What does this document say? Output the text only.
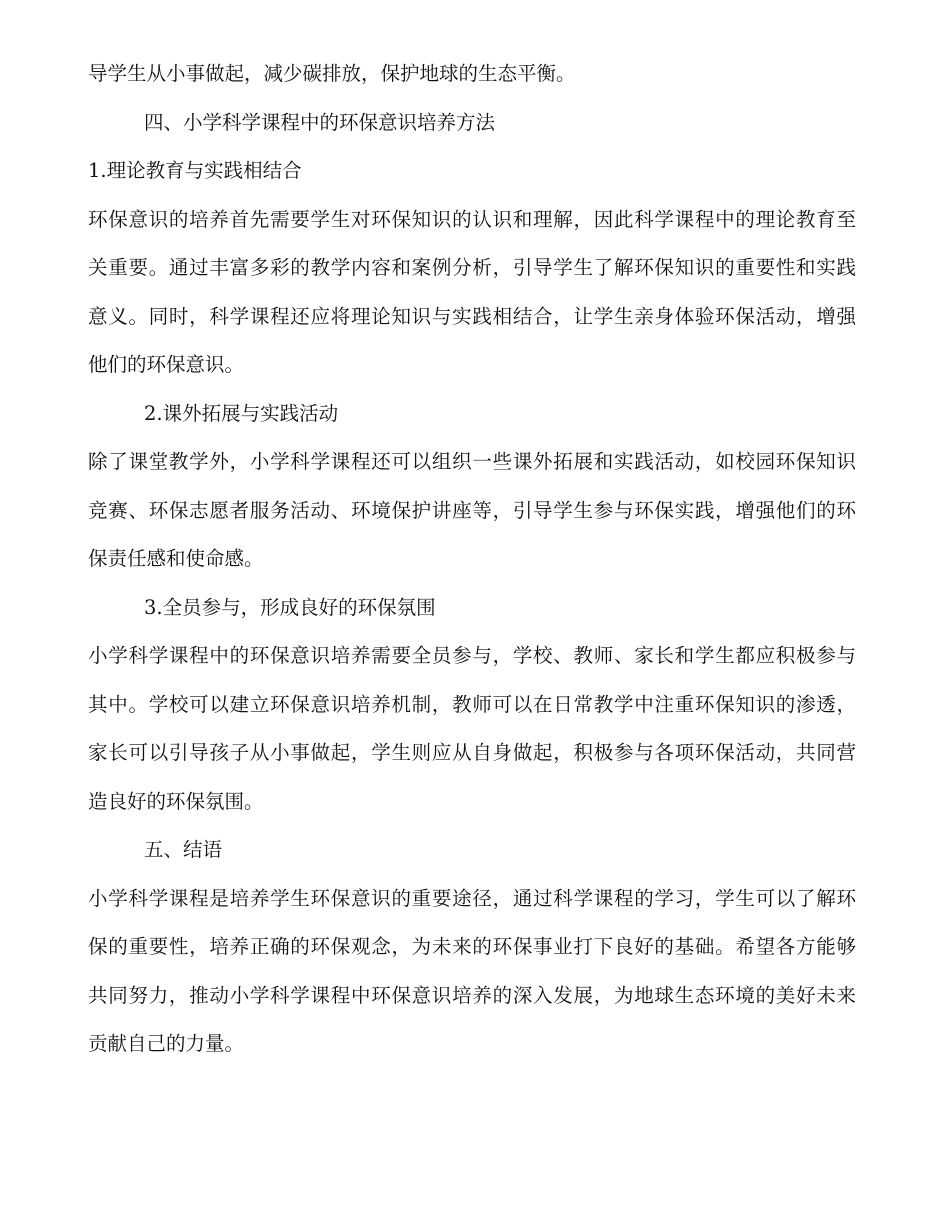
导学生从小事做起，减少碳排放，保护地球的生态平衡。
四、小学科学课程中的环保意识培养方法
1.理论教育与实践相结合
环保意识的培养首先需要学生对环保知识的认识和理解，因此科学课程中的理论教育至
关重要。通过丰富多彩的教学内容和案例分析，引导学生了解环保知识的重要性和实践
意义。同时，科学课程还应将理论知识与实践相结合，让学生亲身体验环保活动，增强
他们的环保意识。
2.课外拓展与实践活动
除了课堂教学外，小学科学课程还可以组织一些课外拓展和实践活动，如校园环保知识
竞赛、环保志愿者服务活动、环境保护讲座等，引导学生参与环保实践，增强他们的环
保责任感和使命感。
3.全员参与，形成良好的环保氛围
小学科学课程中的环保意识培养需要全员参与，学校、教师、家长和学生都应积极参与
其中。学校可以建立环保意识培养机制，教师可以在日常教学中注重环保知识的渗透，
家长可以引导孩子从小事做起，学生则应从自身做起，积极参与各项环保活动，共同营
造良好的环保氛围。
五、结语
小学科学课程是培养学生环保意识的重要途径，通过科学课程的学习，学生可以了解环
保的重要性，培养正确的环保观念，为未来的环保事业打下良好的基础。希望各方能够
共同努力，推动小学科学课程中环保意识培养的深入发展，为地球生态环境的美好未来
贡献自己的力量。
